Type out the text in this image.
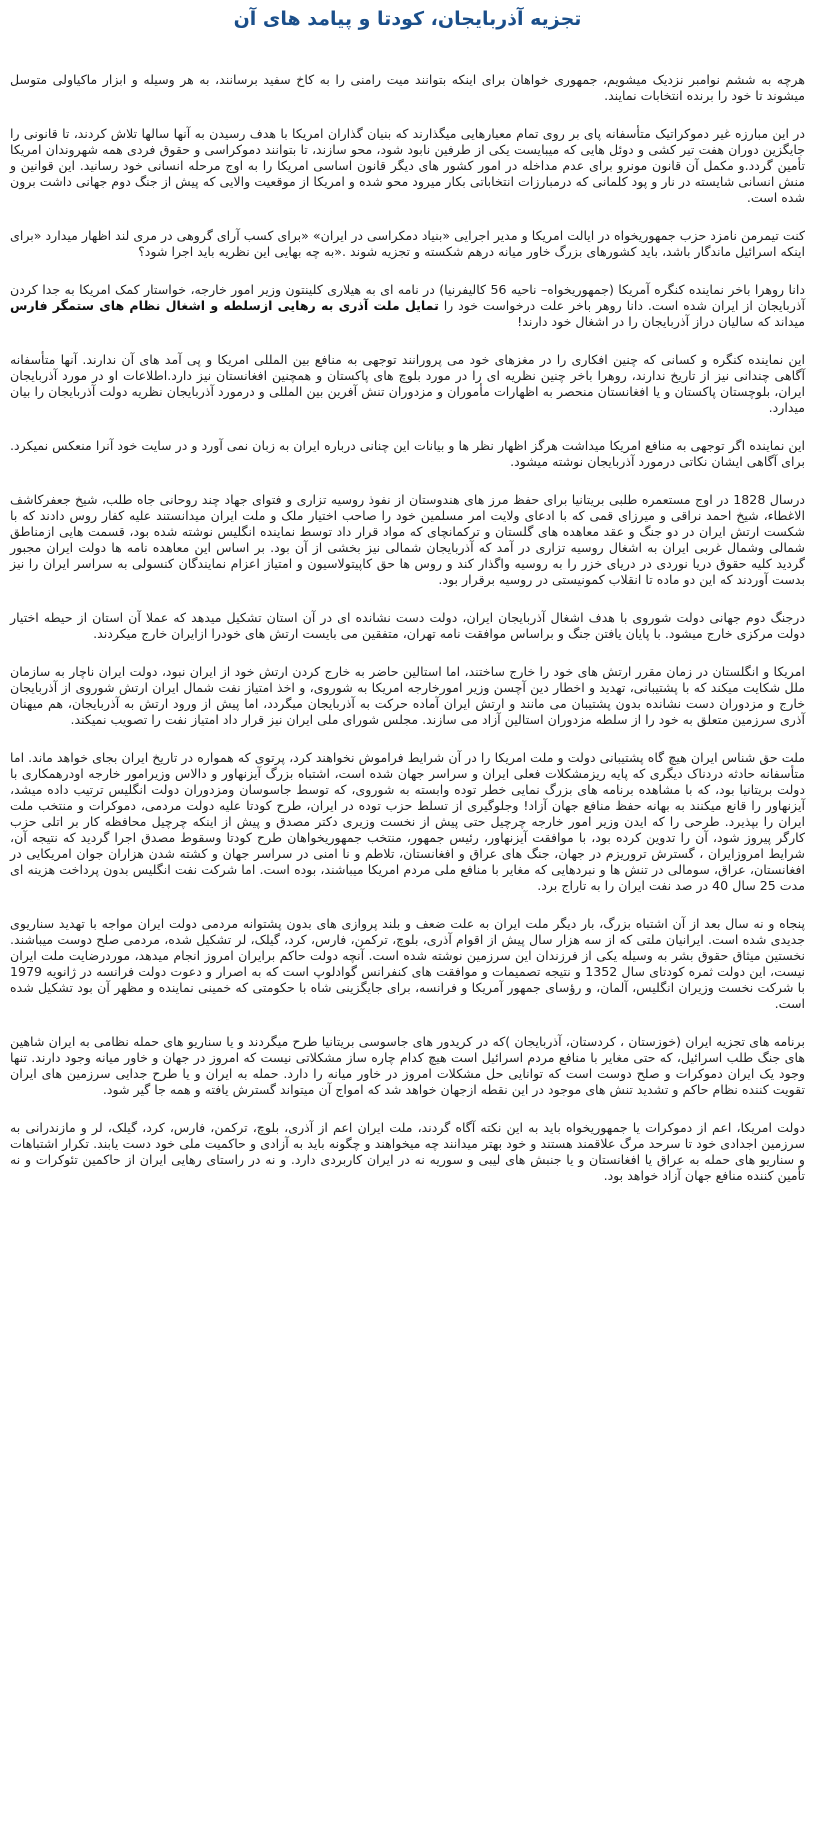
تجزیه آذربایجان، کودتا و پیامد های آن

هرچه به ششم نوامبر نزدیک میشویم، جمهوری خواهان برای اینکه بتوانند میت رامنی را به کاخ سفید برسانند، به هر وسیله و ابزار ماکیاولی متوسل میشوند تا خود را برنده انتخابات نمایند.

در این مبارزه غیر دموکراتیک متأسفانه پای بر روی تمام معیارهایی میگذارند که بنیان گذاران امریکا با هدف رسیدن به آنها سالها تلاش کردند، تا قانونی را جایگزین دوران هفت تیر کشی و دوئل هایی که میبایست یکی از طرفین نابود شود، محو سازند، تا بتوانند دموکراسی و حقوق فردی همه شهروندان امریکا تأمین گردد.و مکمل آن قانون مونرو برای عدم مداخله در امور کشور های دیگر قانون اساسی امریکا را به اوج مرحله انسانی خود رسانید. این قوانین و منش انسانی شایسته در نار و پود کلمانی که درمبارزات انتخاباتی بکار میرود محو شده و امریکا از موقعیت والایی که پیش از جنگ دوم جهانی داشت برون شده است.

کنت تیمرمن نامزد حزب جمهوریخواه در ایالت امریکا و مدیر اجرایی «بنیاد دمکراسی در ایران» «برای کسب آرای گروهی در مری لند اظهار میدارد «برای اینکه اسرائیل ماندگار باشد، باید کشورهای بزرگ خاور میانه درهم شکسته و تجزیه شوند .«به چه بهایی این نظریه باید اجرا شود؟

دانا روهرا باخر نماینده کنگره آمریکا (جمهوریخواه– ناحیه 56 کالیفرنیا) در نامه ای به هیلاری کلینتون وزیر امور خارجه، خواستار کمک امریکا به جدا کردن آذربایجان از ایران شده است. دانا روهر باخر علت درخواست خود را تمایل ملت آذری به رهایی ازسلطه و اشغال نظام های ستمگر فارس میداند که سالیان دراز آذربایجان را در اشغال خود دارند!

این نماینده کنگره و کسانی که چنین افکاری را در مغزهای خود می پرورانند توجهی به منافع بین المللی امریکا و پی آمد های آن ندارند. آنها متأسفانه آگاهی چندانی نیز از تاریخ ندارند، روهرا باخر چنین نظریه ای را در مورد بلوچ های پاکستان و همچنین افغانستان نیز دارد.اطلاعات او در مورد آذربایجان ایران، بلوچستان پاکستان و یا افغانستان منحصر به اظهارات مأموران و مزدوران تنش آفرین بین المللی و درمورد آذربایجان نظریه دولت آذربایجان را بیان میدارد.

این نماینده اگر توجهی به منافع امریکا میداشت هرگز اظهار نظر ها و بیانات این چنانی درباره ایران به زبان نمی آورد و در سایت خود آنرا منعکس نمیکرد. برای آگاهی ایشان نکاتی درمورد آذربایجان نوشته میشود.

درسال 1828 در اوج مستعمره طلبی بریتانیا برای حفظ مرز های هندوستان از نفوذ روسیه تزاری و فتوای جهاد چند روحانی جاه طلب، شیخ جعفرکاشف الاغطاء، شیخ احمد نراقی و میرزای قمی که با ادعای ولایت امر مسلمین خود را صاحب اختیار ملک و ملت ایران میدانستند علیه کفار روس دادند که با شکست ارتش ایران در دو جنگ و عقد معاهده های گلستان و ترکمانچای که مواد قرار داد توسط نماینده انگلیس نوشته شده بود، قسمت هایی ازمناطق شمالی وشمال غربی ایران به اشغال روسیه تزاری در آمد که آذربایجان شمالی نیز بخشی از آن بود. بر اساس این معاهده نامه ها دولت ایران مجبور گردید کلیه حقوق دریا نوردی در دریای خزر را به روسیه واگذار کند و روس ها حق کاپیتولاسیون و امتیاز اعزام نمایندگان کنسولی به سراسر ایران را نیز بدست آوردند که این دو ماده تا انقلاب کمونیستی در روسیه برقرار بود.

درجنگ دوم جهانی دولت شوروی با هدف اشغال آذربایجان ایران، دولت دست نشانده ای در آن استان تشکیل میدهد که عملا آن استان از حیطه اختیار دولت مرکزی خارج میشود. با پایان یافتن جنگ و براساس موافقت نامه تهران، متفقین می بایست ارتش های خودرا ازایران خارج میکردند.

امریکا و انگلستان در زمان مقرر ارتش های خود را خارج ساختند، اما استالین حاضر به خارج کردن ارتش خود از ایران نبود، دولت ایران ناچار به سازمان ملل شکایت میکند که با پشتیبانی، تهدید و اخطار دین آچسن وزیر امورخارجه امریکا به شوروی، و اخذ امتیاز نفت شمال ایران ارتش شوروی از آذربایجان خارج و مزدوران دست نشانده بدون پشتیبان می مانند و ارتش ایران آماده حرکت به آذربایجان میگردد، اما پیش از ورود ارتش به آذربایجان، هم میهنان آذری سرزمین متعلق به خود را از سلطه مزدوران استالین آزاد می سازند. مجلس شورای ملی ایران نیز قرار داد امتیاز نفت را تصویب نمیکند.

ملت حق شناس ایران هیچ گاه پشتیبانی دولت و ملت امریکا را در آن شرایط فراموش نخواهند کرد، پرتوی که همواره در تاریخ ایران بجای خواهد ماند. اما متأسفانه حادثه دردناک دیگری که پایه ریزمشکلات فعلی ایران و سراسر جهان شده است، اشتباه بزرگ آیزنهاور و دالاس وزیرامور خارجه اودرهمکاری با دولت بریتانیا بود، که با مشاهده برنامه های بزرگ نمایی خطر توده وابسته به شوروی، که توسط جاسوسان ومزدوران دولت انگلیس ترتیب داده میشد، آیزنهاور را قانع میکنند به بهانه حفظ منافع جهان آزاد! وجلوگیری از تسلط حزب توده در ایران، طرح کودتا علیه دولت مردمی، دموکرات و منتخب ملت ایران را بپذیرد. طرحی را که ایدن وزیر امور خارجه چرچیل حتی پیش از نخست وزیری دکتر مصدق و پیش از اینکه چرچیل محافظه کار بر اتلی حزب کارگر پیروز شود، آن را تدوین کرده بود، با موافقت آیزنهاور، رئیس جمهور، منتخب جمهوریخواهان طرح کودتا وسقوط مصدق اجرا گردید که نتیجه آن، شرایط امروزایران ، گسترش تروریزم در جهان، جنگ های عراق و افغانستان، تلاطم و نا امنی در سراسر جهان و کشته شدن هزاران جوان امریکایی در افغانستان، عراق، سومالی در تنش ها و نبردهایی که مغایر با منافع ملی مردم امریکا میباشند، بوده است. اما شرکت نفت انگلیس بدون پرداخت هزینه ای مدت 25 سال 40 در صد نفت ایران را به تاراج برد.

پنجاه و نه سال بعد از آن اشتباه بزرگ، بار دیگر ملت ایران به علت ضعف و بلند پروازی های بدون پشتوانه مردمی دولت ایران مواجه با تهدید سناریوی جدیدی شده است. ایرانیان ملتی که از سه هزار سال پیش از اقوام آذری، بلوچ، ترکمن، فارس، کرد، گیلک، لر تشکیل شده، مردمی صلح دوست میباشند. نخستین میثاق حقوق بشر به وسیله یکی از فرزندان این سرزمین نوشته شده است. آنچه دولت حاکم برایران امروز انجام میدهد، موردرضایت ملت ایران نیست، این دولت ثمره کودتای سال 1352 و نتیجه تصمیمات و موافقت های کنفرانس گوادلوپ است که به اصرار و دعوت دولت فرانسه در ژانویه 1979 با شرکت نخست وزیران انگلیس، آلمان، و رؤسای جمهور آمریکا و فرانسه، برای جایگزینی شاه با حکومتی که خمینی نماینده و مظهر آن بود تشکیل شده است.

برنامه های تجزیه ایران (خوزستان ، کردستان، آذربایجان )که در کریدور های جاسوسی بریتانیا طرح میگردند و یا سناریو های حمله نظامی به ایران شاهین های جنگ طلب اسرائیل، که حتی مغایر با منافع مردم اسرائیل است هیچ کدام چاره ساز مشکلاتی نیست که امروز در جهان و خاور میانه وجود دارند. تنها وجود یک ایران دموکرات و صلح دوست است که توانایی حل مشکلات امروز در خاور میانه را دارد. حمله به ایران و یا طرح جدایی سرزمین های ایران تقویت کننده نظام حاکم و تشدید تنش های موجود در این نقطه ازجهان خواهد شد که امواج آن میتواند گسترش یافته و همه جا گیر شود.

دولت امریکا، اعم از دموکرات یا جمهوریخواه باید به این نکته آگاه گردند، ملت ایران اعم از آذری، بلوچ، ترکمن، فارس، کرد، گیلک، لر و مازندرانی به سرزمین اجدادی خود تا سرحد مرگ علاقمند هستند و خود بهتر میدانند چه میخواهند و چگونه باید به آزادی و حاکمیت ملی خود دست یابند. تکرار اشتباهات و سناریو های حمله به عراق یا افغانستان و یا جنبش های لیبی و سوریه نه در ایران کاربردی دارد. و نه در راستای رهایی ایران از حاکمین تئوکرات و نه تأمین کننده منافع جهان آزاد خواهد بود.
